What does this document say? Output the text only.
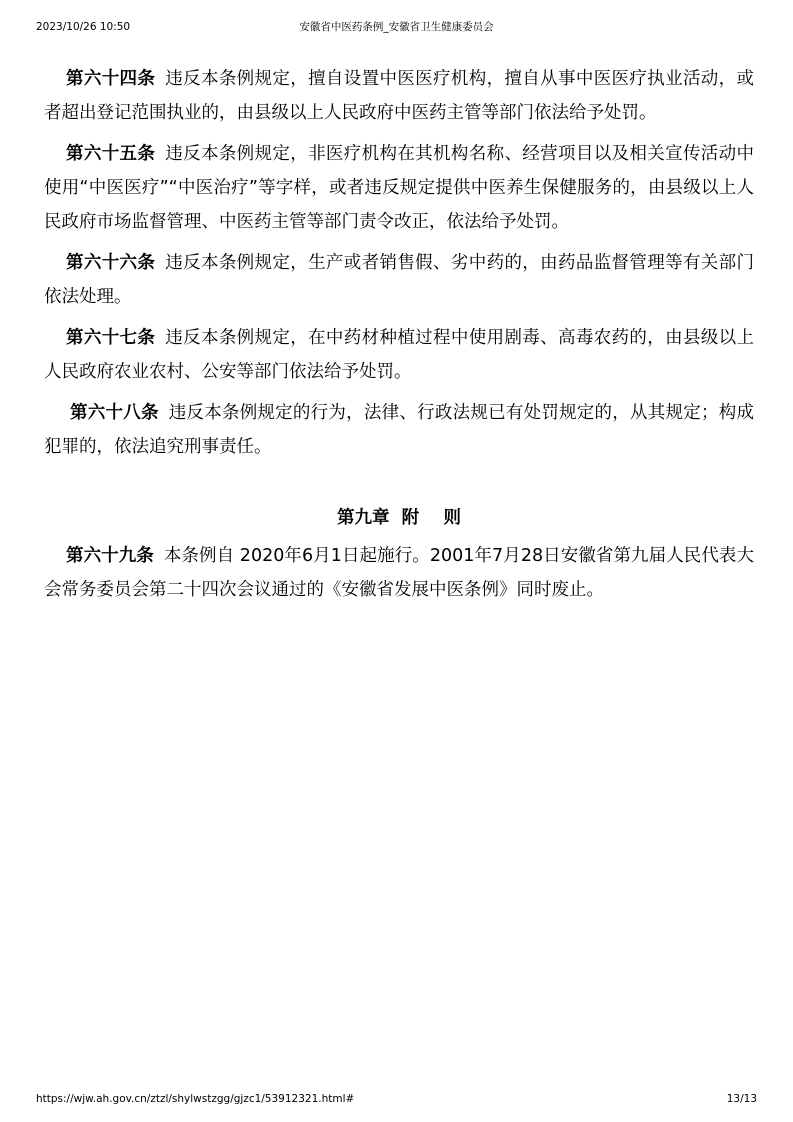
2023/10/26 10:50	安徽省中医药条例_安徽省卫生健康委员会

第六十四条 违反本条例规定，擅自设置中医医疗机构，擅自从事中医医疗执业活动，或者超出登记范围执业的，由县级以上人民政府中医药主管等部门依法给予处罚。

第六十五条 违反本条例规定，非医疗机构在其机构名称、经营项目以及相关宣传活动中使用“中医医疗”“中医治疗”等字样，或者违反规定提供中医养生保健服务的，由县级以上人民政府市场监督管理、中医药主管等部门责令改正，依法给予处罚。

第六十六条 违反本条例规定，生产或者销售假、劣中药的，由药品监督管理等有关部门依法处理。

第六十七条 违反本条例规定，在中药材种植过程中使用剧毒、高毒农药的，由县级以上人民政府农业农村、公安等部门依法给予处罚。

第六十八条 违反本条例规定的行为，法律、行政法规已有处罚规定的，从其规定；构成犯罪的，依法追究刑事责任。

第九章  附    则

第六十九条 本条例自 2020年6月1日起施行。2001年7月28日安徽省第九届人民代表大会常务委员会第二十四次会议通过的《安徽省发展中医条例》同时废止。

https://wjw.ah.gov.cn/ztzl/shylwstzgg/gjzc1/53912321.html#	13/13
